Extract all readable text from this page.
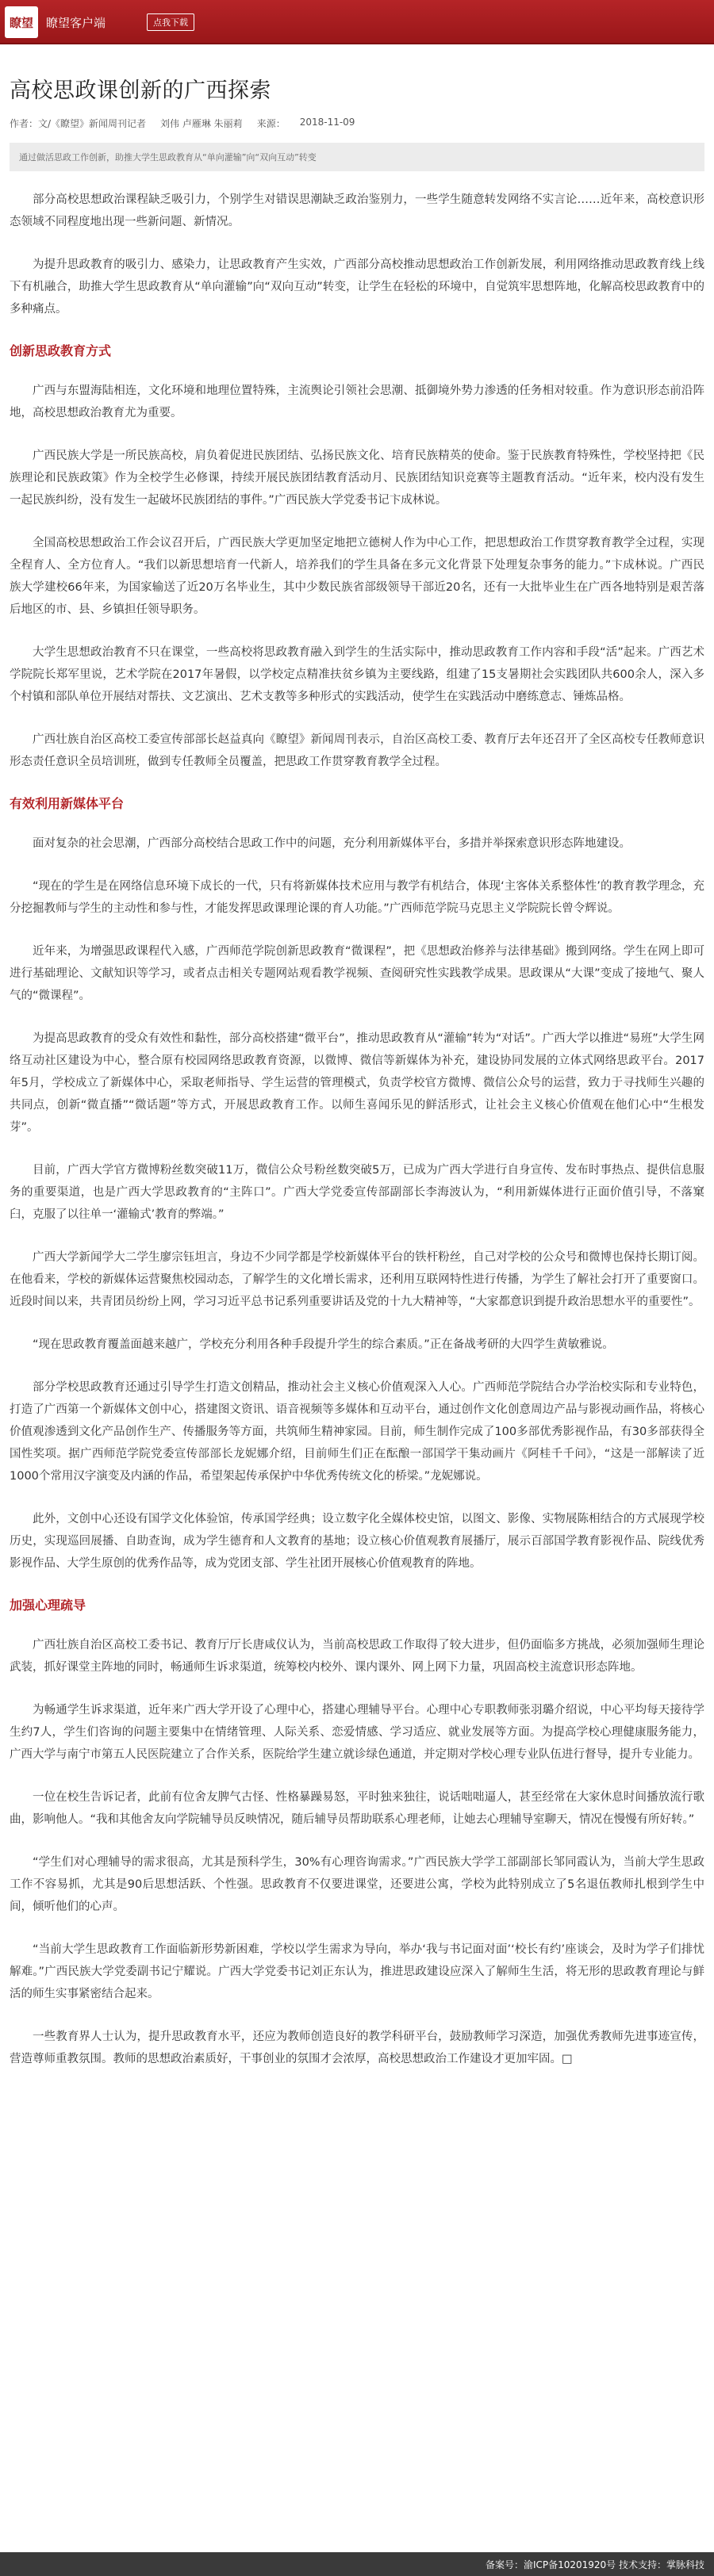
瞭望	瞭望客户端	点我下载
高校思政课创新的广西探索
作者：文/《瞭望》新闻周刊记者 刘伟 卢雁琳 朱丽莉 来源： 2018-11-09
通过做活思政工作创新，助推大学生思政教育从“单向灌输”向“双向互动”转变

部分高校思想政治课程缺乏吸引力，个别学生对错误思潮缺乏政治鉴别力，一些学生随意转发网络不实言论……近年来，高校意识形态领域不同程度地出现一些新问题、新情况。

为提升思政教育的吸引力、感染力，让思政教育产生实效，广西部分高校推动思想政治工作创新发展，利用网络推动思政教育线上线下有机融合，助推大学生思政教育从“单向灌输”向“双向互动”转变，让学生在轻松的环境中，自觉筑牢思想阵地，化解高校思政教育中的多种痛点。

创新思政教育方式

广西与东盟海陆相连，文化环境和地理位置特殊，主流舆论引领社会思潮、抵御境外势力渗透的任务相对较重。作为意识形态前沿阵地，高校思想政治教育尤为重要。

广西民族大学是一所民族高校，肩负着促进民族团结、弘扬民族文化、培育民族精英的使命。鉴于民族教育特殊性，学校坚持把《民族理论和民族政策》作为全校学生必修课，持续开展民族团结教育活动月、民族团结知识竞赛等主题教育活动。“近年来，校内没有发生一起民族纠纷，没有发生一起破坏民族团结的事件。”广西民族大学党委书记卞成林说。

全国高校思想政治工作会议召开后，广西民族大学更加坚定地把立德树人作为中心工作，把思想政治工作贯穿教育教学全过程，实现全程育人、全方位育人。“我们以新思想培育一代新人，培养我们的学生具备在多元文化背景下处理复杂事务的能力。”卞成林说。广西民族大学建校66年来，为国家输送了近20万名毕业生，其中少数民族省部级领导干部近20名，还有一大批毕业生在广西各地特别是艰苦落后地区的市、县、乡镇担任领导职务。

大学生思想政治教育不只在课堂，一些高校将思政教育融入到学生的生活实际中，推动思政教育工作内容和手段“活”起来。广西艺术学院院长郑军里说，艺术学院在2017年暑假，以学校定点精准扶贫乡镇为主要线路，组建了15支暑期社会实践团队共600余人，深入多个村镇和部队单位开展结对帮扶、文艺演出、艺术支教等多种形式的实践活动，使学生在实践活动中磨练意志、锤炼品格。

广西壮族自治区高校工委宣传部部长赵益真向《瞭望》新闻周刊表示，自治区高校工委、教育厅去年还召开了全区高校专任教师意识形态责任意识全员培训班，做到专任教师全员覆盖，把思政工作贯穿教育教学全过程。

有效利用新媒体平台

面对复杂的社会思潮，广西部分高校结合思政工作中的问题，充分利用新媒体平台，多措并举探索意识形态阵地建设。

“现在的学生是在网络信息环境下成长的一代，只有将新媒体技术应用与教学有机结合，体现‘主客体关系整体性’的教育教学理念，充分挖掘教师与学生的主动性和参与性，才能发挥思政课理论课的育人功能。”广西师范学院马克思主义学院院长曾令辉说。

近年来，为增强思政课程代入感，广西师范学院创新思政教育“微课程”，把《思想政治修养与法律基础》搬到网络。学生在网上即可进行基础理论、文献知识等学习，或者点击相关专题网站观看教学视频、查阅研究性实践教学成果。思政课从“大课”变成了接地气、聚人气的“微课程”。

为提高思政教育的受众有效性和黏性，部分高校搭建“微平台”，推动思政教育从“灌输”转为“对话”。广西大学以推进“易班”大学生网络互动社区建设为中心，整合原有校园网络思政教育资源，以微博、微信等新媒体为补充，建设协同发展的立体式网络思政平台。2017年5月，学校成立了新媒体中心，采取老师指导、学生运营的管理模式，负责学校官方微博、微信公众号的运营，致力于寻找师生兴趣的共同点，创新“微直播”“微话题”等方式，开展思政教育工作。以师生喜闻乐见的鲜活形式，让社会主义核心价值观在他们心中“生根发芽”。

目前，广西大学官方微博粉丝数突破11万，微信公众号粉丝数突破5万，已成为广西大学进行自身宣传、发布时事热点、提供信息服务的重要渠道，也是广西大学思政教育的“主阵口”。广西大学党委宣传部副部长李海波认为，“利用新媒体进行正面价值引导，不落窠臼，克服了以往单一‘灌输式’教育的弊端。”

广西大学新闻学大二学生廖宗钰坦言，身边不少同学都是学校新媒体平台的铁杆粉丝，自己对学校的公众号和微博也保持长期订阅。在他看来，学校的新媒体运营聚焦校园动态，了解学生的文化增长需求，还利用互联网特性进行传播，为学生了解社会打开了重要窗口。近段时间以来，共青团员纷纷上网，学习习近平总书记系列重要讲话及党的十九大精神等，“大家都意识到提升政治思想水平的重要性”。

“现在思政教育覆盖面越来越广，学校充分利用各种手段提升学生的综合素质。”正在备战考研的大四学生黄敏雅说。

部分学校思政教育还通过引导学生打造文创精品，推动社会主义核心价值观深入人心。广西师范学院结合办学治校实际和专业特色，打造了广西第一个新媒体文创中心，搭建图文资讯、语音视频等多媒体和互动平台，通过创作文化创意周边产品与影视动画作品，将核心价值观渗透到文化产品创作生产、传播服务等方面，共筑师生精神家园。目前，师生制作完成了100多部优秀影视作品，有30多部获得全国性奖项。据广西师范学院党委宣传部部长龙妮娜介绍，目前师生们正在酝酿一部国学干集动画片《阿桂千千问》，“这是一部解读了近1000个常用汉字演变及内涵的作品，希望架起传承保护中华优秀传统文化的桥梁。”龙妮娜说。

此外，文创中心还设有国学文化体验馆，传承国学经典；设立数字化全媒体校史馆，以图文、影像、实物展陈相结合的方式展现学校历史，实现巡回展播、自助查询，成为学生德育和人文教育的基地；设立核心价值观教育展播厅，展示百部国学教育影视作品、院线优秀影视作品、大学生原创的优秀作品等，成为党团支部、学生社团开展核心价值观教育的阵地。

加强心理疏导

广西壮族自治区高校工委书记、教育厅厅长唐咸仪认为，当前高校思政工作取得了较大进步，但仍面临多方挑战，必须加强师生理论武装，抓好课堂主阵地的同时，畅通师生诉求渠道，统筹校内校外、课内课外、网上网下力量，巩固高校主流意识形态阵地。

为畅通学生诉求渠道，近年来广西大学开设了心理中心，搭建心理辅导平台。心理中心专职教师张羽璐介绍说，中心平均每天接待学生约7人，学生们咨询的问题主要集中在情绪管理、人际关系、恋爱情感、学习适应、就业发展等方面。为提高学校心理健康服务能力，广西大学与南宁市第五人民医院建立了合作关系，医院给学生建立就诊绿色通道，并定期对学校心理专业队伍进行督导，提升专业能力。

一位在校生告诉记者，此前有位舍友脾气古怪、性格暴躁易怒，平时独来独往，说话咄咄逼人，甚至经常在大家休息时间播放流行歌曲，影响他人。“我和其他舍友向学院辅导员反映情况，随后辅导员帮助联系心理老师，让她去心理辅导室聊天，情况在慢慢有所好转。”

“学生们对心理辅导的需求很高，尤其是预科学生，30%有心理咨询需求。”广西民族大学学工部副部长邹同霞认为，当前大学生思政工作不容易抓，尤其是90后思想活跃、个性强。思政教育不仅要进课堂，还要进公寓，学校为此特别成立了5名退伍教师扎根到学生中间，倾听他们的心声。

“当前大学生思政教育工作面临新形势新困难，学校以学生需求为导向，举办‘我与书记面对面’‘校长有约’座谈会，及时为学子们排忧解难。”广西民族大学党委副书记宁耀说。广西大学党委书记刘正东认为，推进思政建设应深入了解师生生活，将无形的思政教育理论与鲜活的师生实事紧密结合起来。

一些教育界人士认为，提升思政教育水平，还应为教师创造良好的教学科研平台，鼓励教师学习深造，加强优秀教师先进事迹宣传，营造尊师重教氛围。教师的思想政治素质好，干事创业的氛围才会浓厚，高校思想政治工作建设才更加牢固。□

备案号：渝ICP备10201920号 技术支持：掌脉科技
